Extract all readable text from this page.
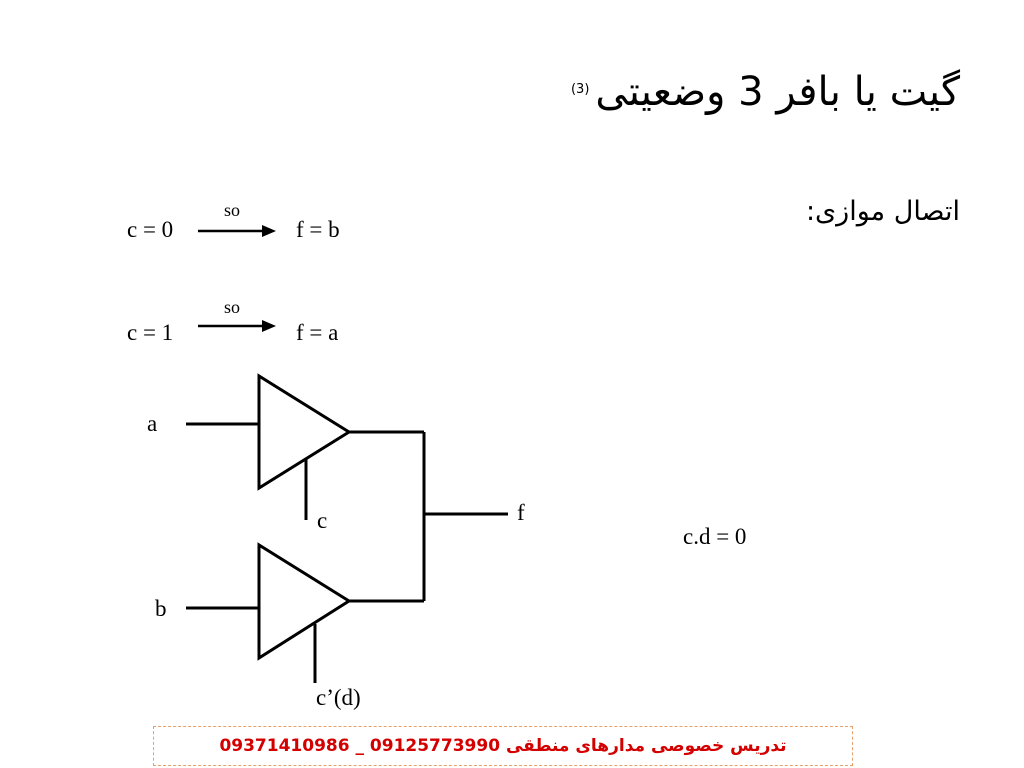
گیت یا بافر 3 وضعیتی$^{(3)}$
اتصال موازی:
c = 0
so
f = b
c = 1
so
f = a
a
b
c
c’(d)
f
c.d = 0
تدریس خصوصی مدارهای منطقی 09125773990 _ 09371410986
